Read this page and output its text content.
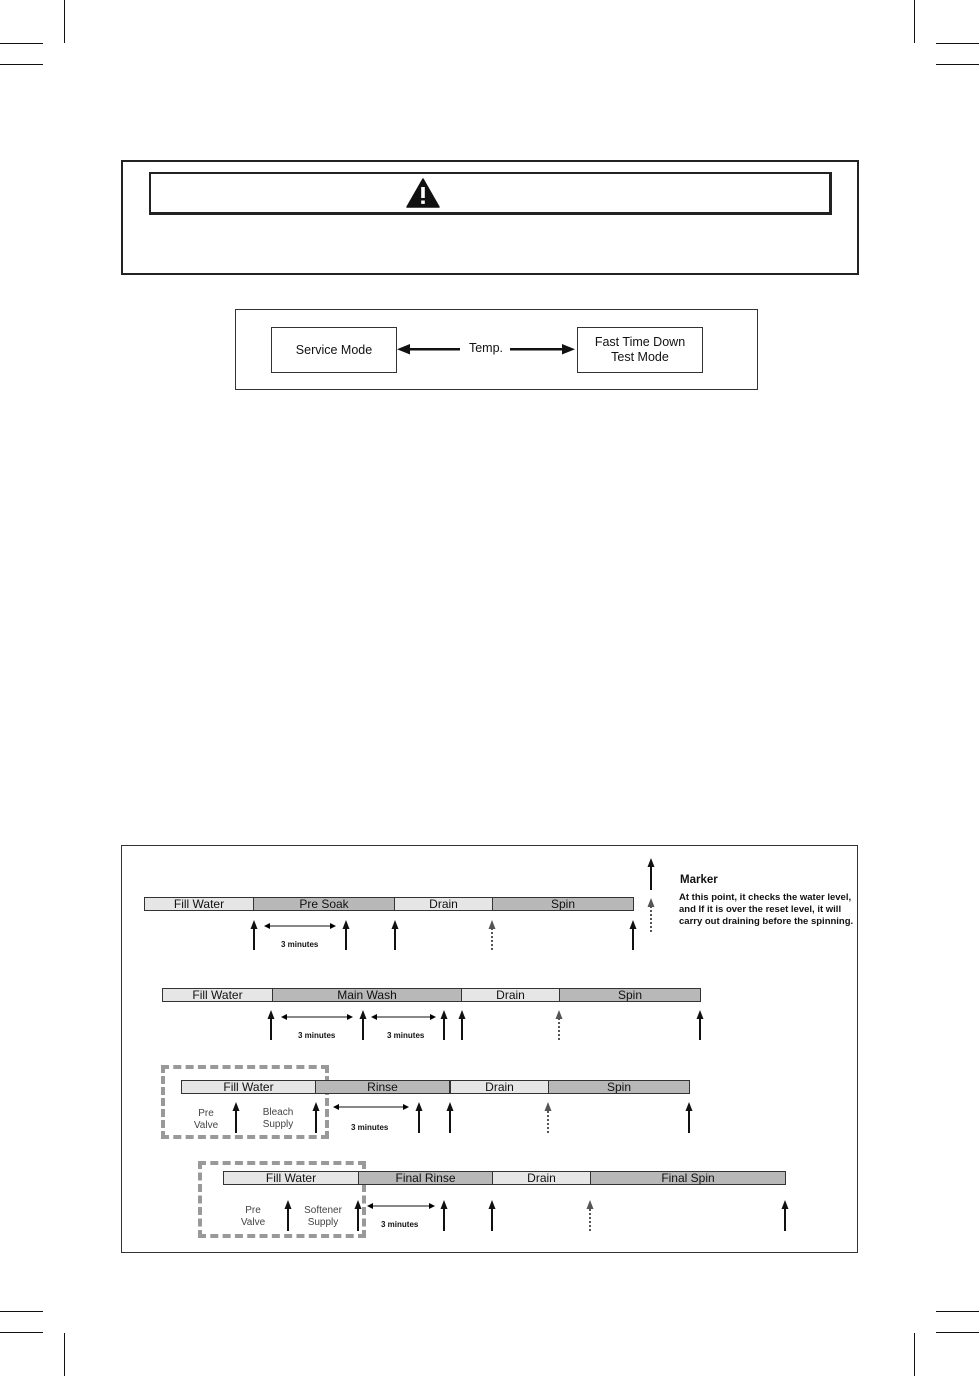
Service Mode
Fast Time Down
Test Mode
Temp.
Fill Water	Pre Soak	Drain	Spin
Fill Water	Main Wash	Drain	Spin
Fill Water	Rinse	Drain	Spin
Fill Water	Final Rinse	Drain	Final Spin
3 minutes
3 minutes	3 minutes
3 minutes
3 minutes
Pre
Valve
Bleach
Supply
Pre
Valve
Softener
Supply
Marker
At this point, it checks the water level, and If it is over the reset level, it will carry out draining before the spinning.
